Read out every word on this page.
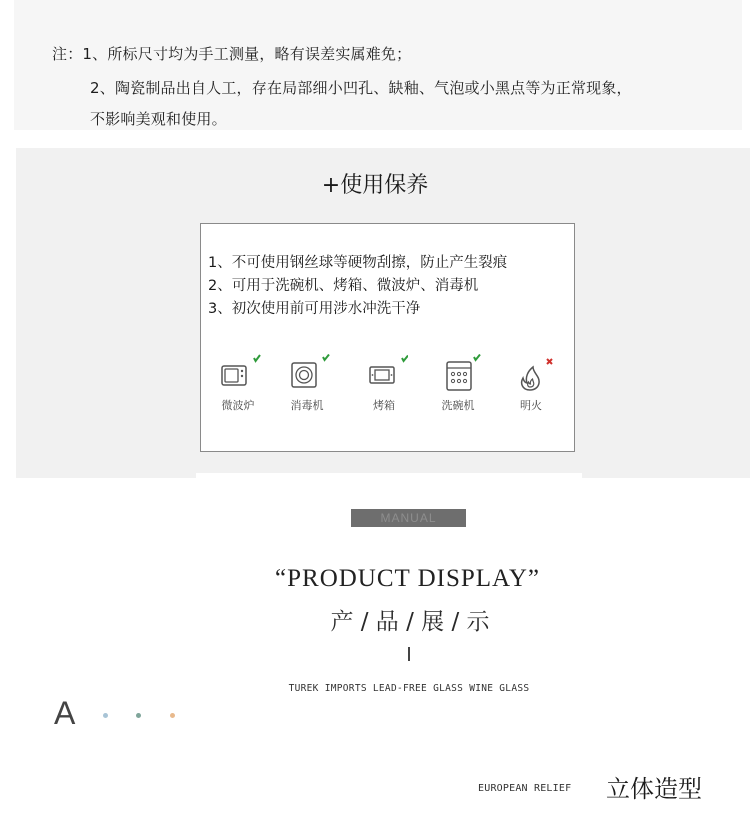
注：1、所标尺寸均为手工测量，略有误差实属难免；
2、陶瓷制品出自人工，存在局部细小凹孔、缺釉、气泡或小黑点等为正常现象，
不影响美观和使用。
+使用保养
1、不可使用钢丝球等硬物刮擦，防止产生裂痕
2、可用于洗碗机、烤箱、微波炉、消毒机
3、初次使用前可用涉水冲洗干净
微波炉	消毒机	烤箱	洗碗机	明火
MANUAL
“PRODUCT DISPLAY”
产 / 品 / 展 / 示
TUREK IMPORTS LEAD-FREE GLASS WINE GLASS
A
EUROPEAN RELIEF 立体造型
